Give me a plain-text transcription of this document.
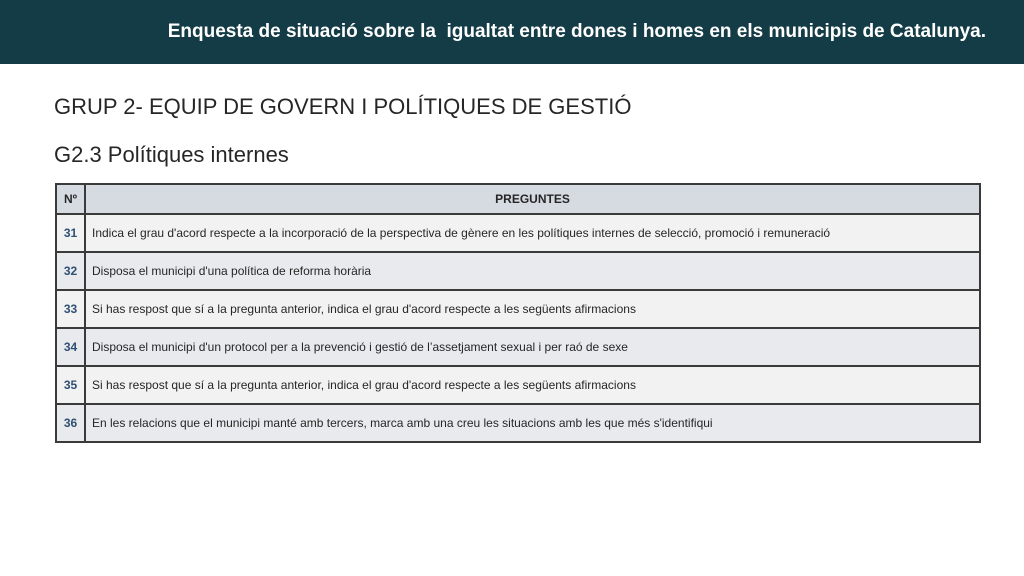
Enquesta de situació sobre la  igualtat entre dones i homes en els municipis de Catalunya.
GRUP 2- EQUIP DE GOVERN I POLÍTIQUES DE GESTIÓ
G2.3 Polítiques internes
Nº	PREGUNTES
31	Indica el grau d'acord respecte a la incorporació de la perspectiva de gènere en les polítiques internes de selecció, promoció i remuneració
32	Disposa el municipi d'una política de reforma horària
33	Si has respost que sí a la pregunta anterior, indica el grau d'acord respecte a les següents afirmacions
34	Disposa el municipi d'un protocol per a la prevenció i gestió de l’assetjament sexual i per raó de sexe
35	Si has respost que sí a la pregunta anterior, indica el grau d'acord respecte a les següents afirmacions
36	En les relacions que el municipi manté amb tercers, marca amb una creu les situacions amb les que més s'identifiqui
